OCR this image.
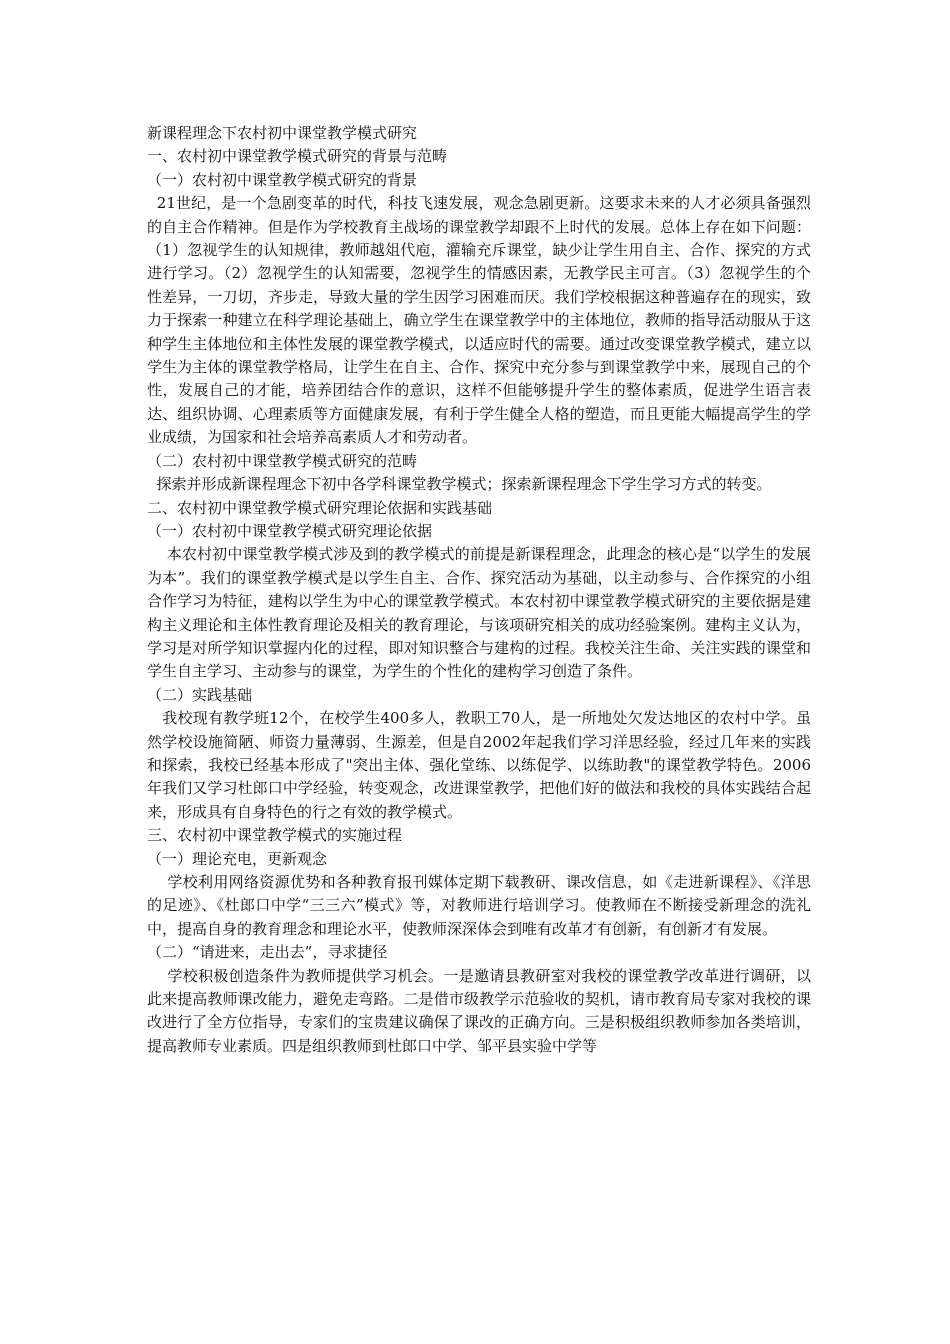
新课程理念下农村初中课堂教学模式研究

一、农村初中课堂教学模式研究的背景与范畴

（一）农村初中课堂教学模式研究的背景

21世纪，是一个急剧变革的时代，科技飞速发展，观念急剧更新。这要求未来的人才必须具备强烈的自主合作精神。但是作为学校教育主战场的课堂教学却跟不上时代的发展。总体上存在如下问题：（1）忽视学生的认知规律，教师越俎代庖，灌输充斥课堂，缺少让学生用自主、合作、探究的方式进行学习。（2）忽视学生的认知需要，忽视学生的情感因素，无教学民主可言。（3）忽视学生的个性差异，一刀切，齐步走，导致大量的学生因学习困难而厌。我们学校根据这种普遍存在的现实，致力于探索一种建立在科学理论基础上，确立学生在课堂教学中的主体地位，教师的指导活动服从于这种学生主体地位和主体性发展的课堂教学模式，以适应时代的需要。通过改变课堂教学模式，建立以学生为主体的课堂教学格局，让学生在自主、合作、探究中充分参与到课堂教学中来，展现自己的个性，发展自己的才能，培养团结合作的意识，这样不但能够提升学生的整体素质，促进学生语言表达、组织协调、心理素质等方面健康发展，有利于学生健全人格的塑造，而且更能大幅提高学生的学业成绩，为国家和社会培养高素质人才和劳动者。

（二）农村初中课堂教学模式研究的范畴

探索并形成新课程理念下初中各学科课堂教学模式；探索新课程理念下学生学习方式的转变。

二、农村初中课堂教学模式研究理论依据和实践基础

（一）农村初中课堂教学模式研究理论依据

本农村初中课堂教学模式涉及到的教学模式的前提是新课程理念，此理念的核心是“以学生的发展为本”。我们的课堂教学模式是以学生自主、合作、探究活动为基础，以主动参与、合作探究的小组合作学习为特征，建构以学生为中心的课堂教学模式。本农村初中课堂教学模式研究的主要依据是建构主义理论和主体性教育理论及相关的教育理论，与该项研究相关的成功经验案例。建构主义认为，学习是对所学知识掌握内化的过程，即对知识整合与建构的过程。我校关注生命、关注实践的课堂和学生自主学习、主动参与的课堂，为学生的个性化的建构学习创造了条件。

（二）实践基础

我校现有教学班12个，在校学生400多人，教职工70人，是一所地处欠发达地区的农村中学。虽然学校设施简陋、师资力量薄弱、生源差，但是自2002年起我们学习洋思经验，经过几年来的实践和探索，我校已经基本形成了"突出主体、强化堂练、以练促学、以练助教"的课堂教学特色。2006年我们又学习杜郎口中学经验，转变观念，改进课堂教学，把他们好的做法和我校的具体实践结合起来，形成具有自身特色的行之有效的教学模式。

三、农村初中课堂教学模式的实施过程

（一）理论充电，更新观念

学校利用网络资源优势和各种教育报刊媒体定期下载教研、课改信息，如《走进新课程》、《洋思的足迹》、《杜郎口中学“三三六”模式》等，对教师进行培训学习。使教师在不断接受新理念的洗礼中，提高自身的教育理念和理论水平，使教师深深体会到唯有改革才有创新，有创新才有发展。

（二）“请进来，走出去”，寻求捷径

学校积极创造条件为教师提供学习机会。一是邀请县教研室对我校的课堂教学改革进行调研，以此来提高教师课改能力，避免走弯路。二是借市级教学示范验收的契机，请市教育局专家对我校的课改进行了全方位指导，专家们的宝贵建议确保了课改的正确方向。三是积极组织教师参加各类培训，提高教师专业素质。四是组织教师到杜郎口中学、邹平县实验中学等
